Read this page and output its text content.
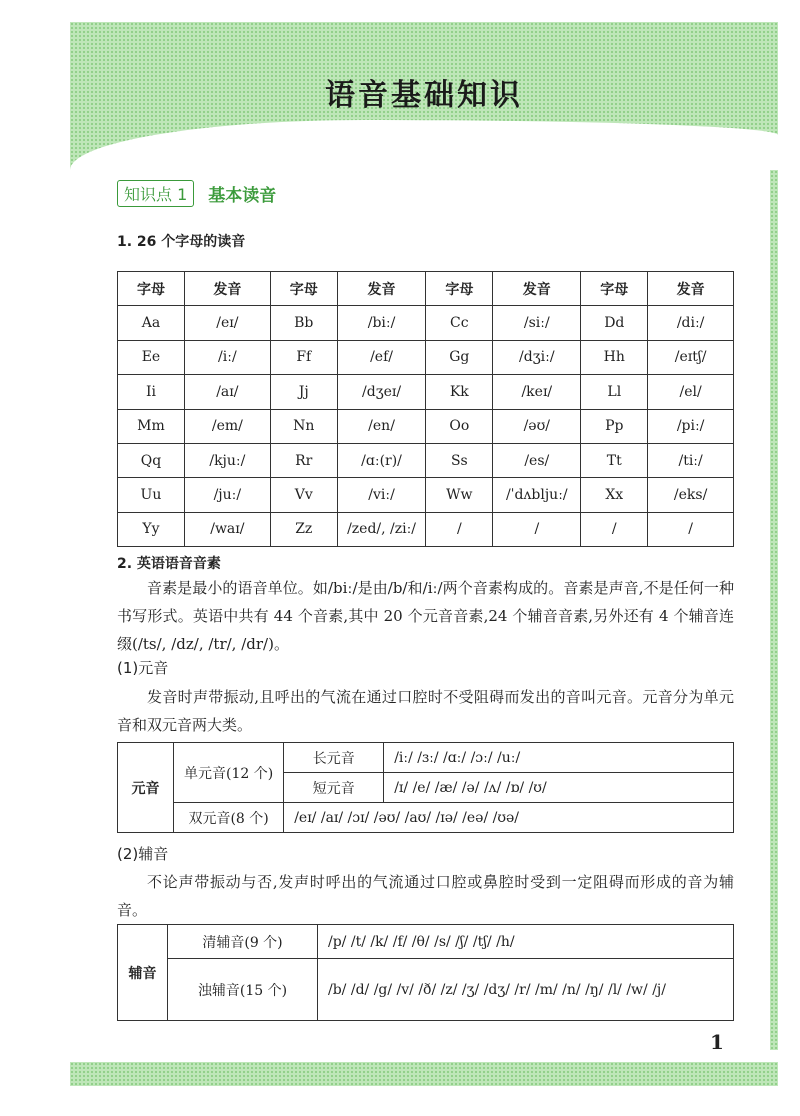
语音基础知识
知识点 1	基本读音
1. 26 个字母的读音
字母	发音	字母	发音	字母	发音	字母	发音
Aa	/eɪ/	Bb	/biː/	Cc	/siː/	Dd	/diː/
Ee	/iː/	Ff	/ef/	Gg	/dʒiː/	Hh	/eɪtʃ/
Ii	/aɪ/	Jj	/dʒeɪ/	Kk	/keɪ/	Ll	/el/
Mm	/em/	Nn	/en/	Oo	/əʊ/	Pp	/piː/
Qq	/kjuː/	Rr	/ɑː(r)/	Ss	/es/	Tt	/tiː/
Uu	/juː/	Vv	/viː/	Ww	/ˈdʌbljuː/	Xx	/eks/
Yy	/waɪ/	Zz	/zed/, /ziː/	/	/	/	/
2. 英语语音音素
音素是最小的语音单位。如/biː/是由/b/和/iː/两个音素构成的。音素是声音,不是任何一种书写形式。英语中共有 44 个音素,其中 20 个元音音素,24 个辅音音素,另外还有 4 个辅音连缀(/ts/, /dz/, /tr/, /dr/)。
(1)元音
发音时声带振动,且呼出的气流在通过口腔时不受阻碍而发出的音叫元音。元音分为单元音和双元音两大类。
元音	单元音(12 个)	长元音	/iː/ /ɜː/ /ɑː/ /ɔː/ /uː/
		短元音	/ɪ/ /e/ /æ/ /ə/ /ʌ/ /ɒ/ /ʊ/
	双元音(8 个)	/eɪ/ /aɪ/ /ɔɪ/ /əʊ/ /aʊ/ /ɪə/ /eə/ /ʊə/	
(2)辅音
不论声带振动与否,发声时呼出的气流通过口腔或鼻腔时受到一定阻碍而形成的音为辅音。
辅音	清辅音(9 个)	/p/ /t/ /k/ /f/ /θ/ /s/ /ʃ/ /tʃ/ /h/
	浊辅音(15 个)	/b/ /d/ /g/ /v/ /ð/ /z/ /ʒ/ /dʒ/ /r/ /m/ /n/ /ŋ/ /l/ /w/ /j/
1
